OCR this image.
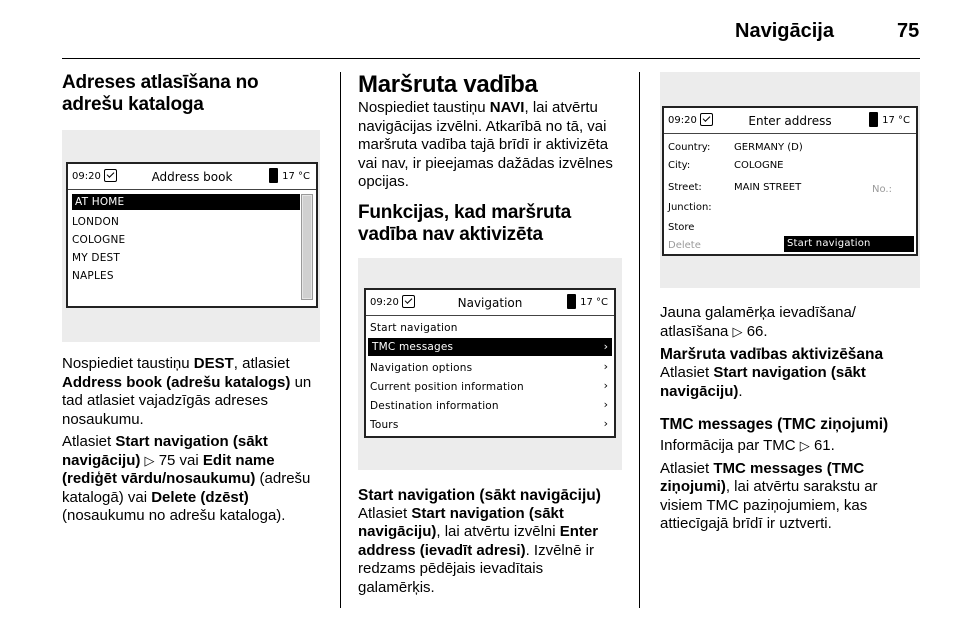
Navigācija	75
Adreses atlasīšana no adrešu kataloga
09:20	Address book	17 °C
AT HOME
LONDON
COLOGNE
MY DEST
NAPLES

Nospiediet taustiņu DEST, atlasiet Address book (adrešu katalogs) un tad atlasiet vajadzīgās adreses nosaukumu.

Atlasiet Start navigation (sākt navigāciju) ▷ 75 vai Edit name (rediģēt vārdu/nosaukumu) (adrešu katalogā) vai Delete (dzēst) (nosaukumu no adrešu kataloga).

Maršruta vadība

Nospiediet taustiņu NAVI, lai atvērtu navigācijas izvēlni. Atkarībā no tā, vai maršruta vadība tajā brīdī ir aktivizēta vai nav, ir pieejamas dažādas izvēlnes opcijas.

Funkcijas, kad maršruta vadība nav aktivizēta
09:20	Navigation	17 °C
Start navigation
TMC messages	›
Navigation options	›
Current position information	›
Destination information	›
Tours	›
Start navigation (sākt navigāciju)

Atlasiet Start navigation (sākt navigāciju), lai atvērtu izvēlni Enter address (ievadīt adresi). Izvēlnē ir redzams pēdējais ievadītais galamērķis.

09:20	Enter address	17 °C
Country: GERMANY (D)
City:	COLOGNE
Street:	MAIN STREET	No.:
Junction:
Store
Delete	Start navigation

Jauna galamērķa ievadīšana/ atlasīšana ▷ 66.

Maršruta vadības aktivizēšana

Atlasiet Start navigation (sākt navigāciju).

TMC messages (TMC ziņojumi)

Informācija par TMC ▷ 61.

Atlasiet TMC messages (TMC ziņojumi), lai atvērtu sarakstu ar visiem TMC paziņojumiem, kas attiecīgajā brīdī ir uztverti.
